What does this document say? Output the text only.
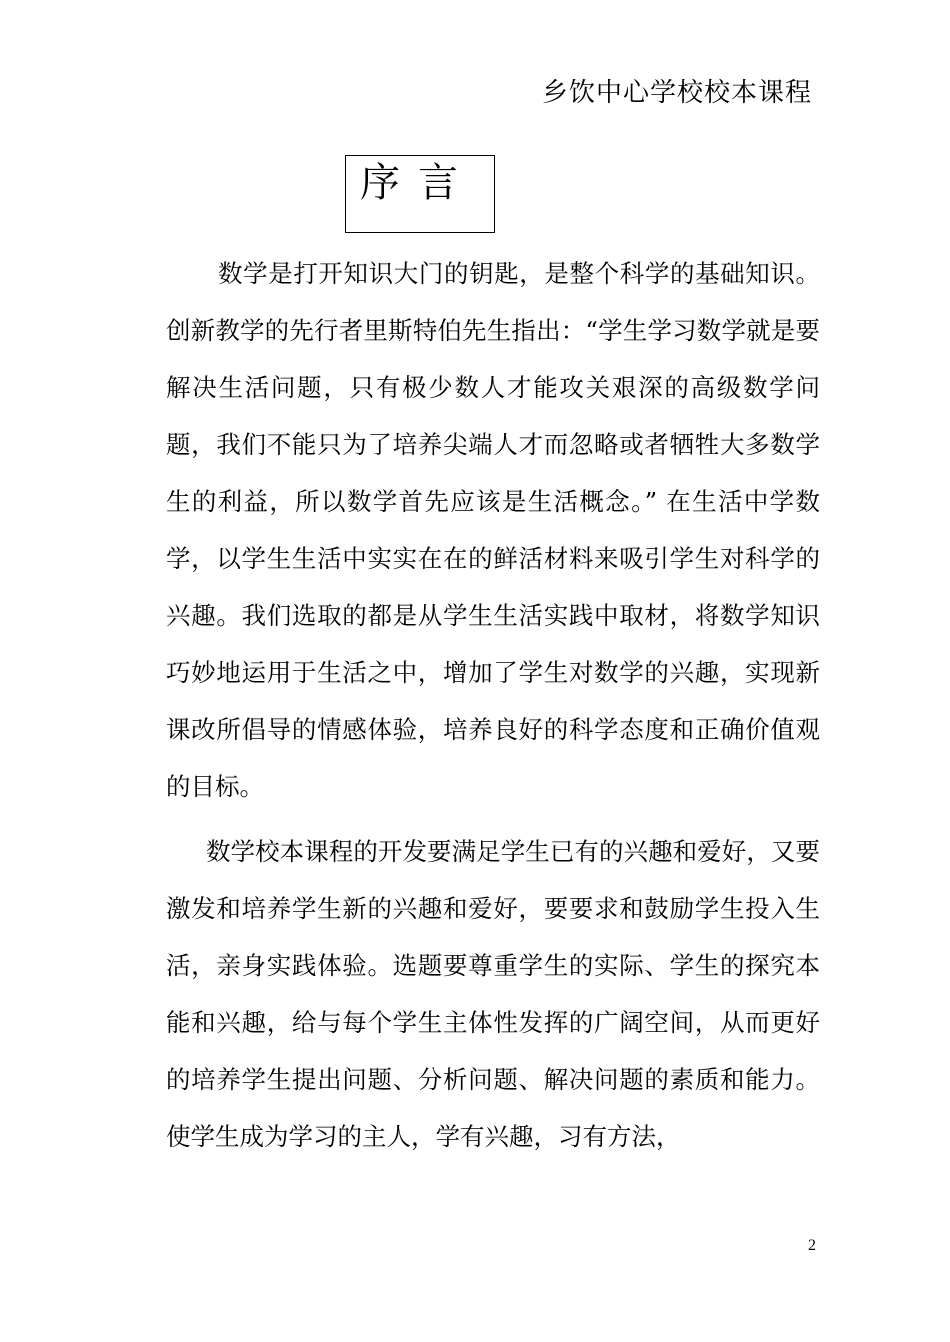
乡饮中心学校校本课程
序言

数学是打开知识大门的钥匙，是整个科学的基础知识。创新教学的先行者里斯特伯先生指出：“学生学习数学就是要解决生活问题，只有极少数人才能攻关艰深的高级数学问题，我们不能只为了培养尖端人才而忽略或者牺牲大多数学生的利益，所以数学首先应该是生活概念。” 在生活中学数学，以学生生活中实实在在的鲜活材料来吸引学生对科学的兴趣。我们选取的都是从学生生活实践中取材，将数学知识巧妙地运用于生活之中，增加了学生对数学的兴趣，实现新课改所倡导的情感体验，培养良好的科学态度和正确价值观的目标。

数学校本课程的开发要满足学生已有的兴趣和爱好，又要激发和培养学生新的兴趣和爱好，要要求和鼓励学生投入生活，亲身实践体验。选题要尊重学生的实际、学生的探究本能和兴趣，给与每个学生主体性发挥的广阔空间，从而更好的培养学生提出问题、分析问题、解决问题的素质和能力。使学生成为学习的主人，学有兴趣，习有方法，

2
